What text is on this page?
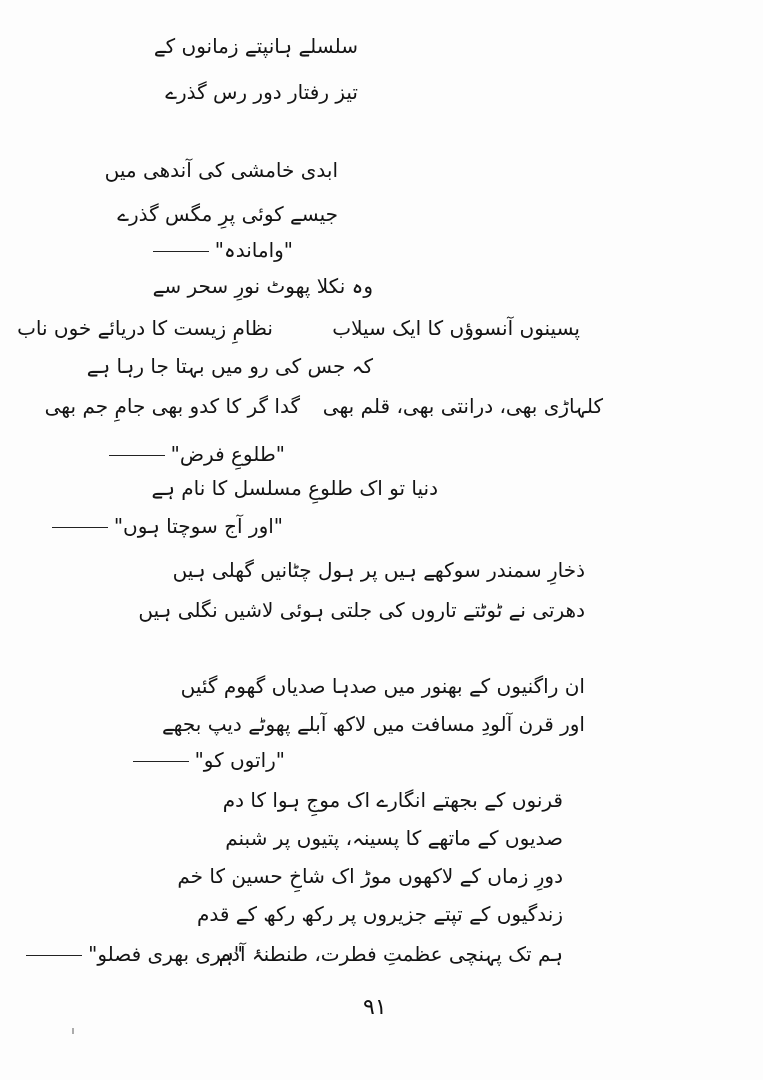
سلسلے ہانپتے زمانوں کے
تیز رفتار دور رس گذرے
ابدی خامشی کی آندھی میں
جیسے کوئی پرِ مگس گذرے
"واماندہ"
وہ نکلا پھوٹ نورِ سحر سے
نظامِ زیست کا دریائے خوں ناب	پسینوں آنسوؤں کا ایک سیلاب
کہ جس کی رو میں بہتا جا رہا ہے
گدا گر کا کدو بھی جامِ جم بھی کلہاڑی بھی، درانتی بھی، قلم بھی
"طلوعِ فرض"
دنیا تو اک طلوعِ مسلسل کا نام ہے
"اور آج سوچتا ہوں"
ذخارِ سمندر سوکھے ہیں پر ہول چٹانیں گھلی ہیں
دھرتی نے ٹوٹتے تاروں کی جلتی ہوئی لاشیں نگلی ہیں
ان راگنیوں کے بھنور میں صدہا صدیاں گھوم گئیں
اور قرن آلودِ مسافت میں لاکھ آبلے پھوٹے دیپ بجھے
"راتوں کو"
قرنوں کے بجھتے انگارے اک موجِ ہوا کا دم
صدیوں کے ماتھے کا پسینہ، پتیوں پر شبنم
دورِ زماں کے لاکھوں موڑ اک شاخِ حسین کا خم
زندگیوں کے تپتے جزیروں پر رکھ رکھ کے قدم
ہم تک پہنچی عظمتِ فطرت، طنطنۂ آدم
"ہری بھری فصلو"
۹۱
